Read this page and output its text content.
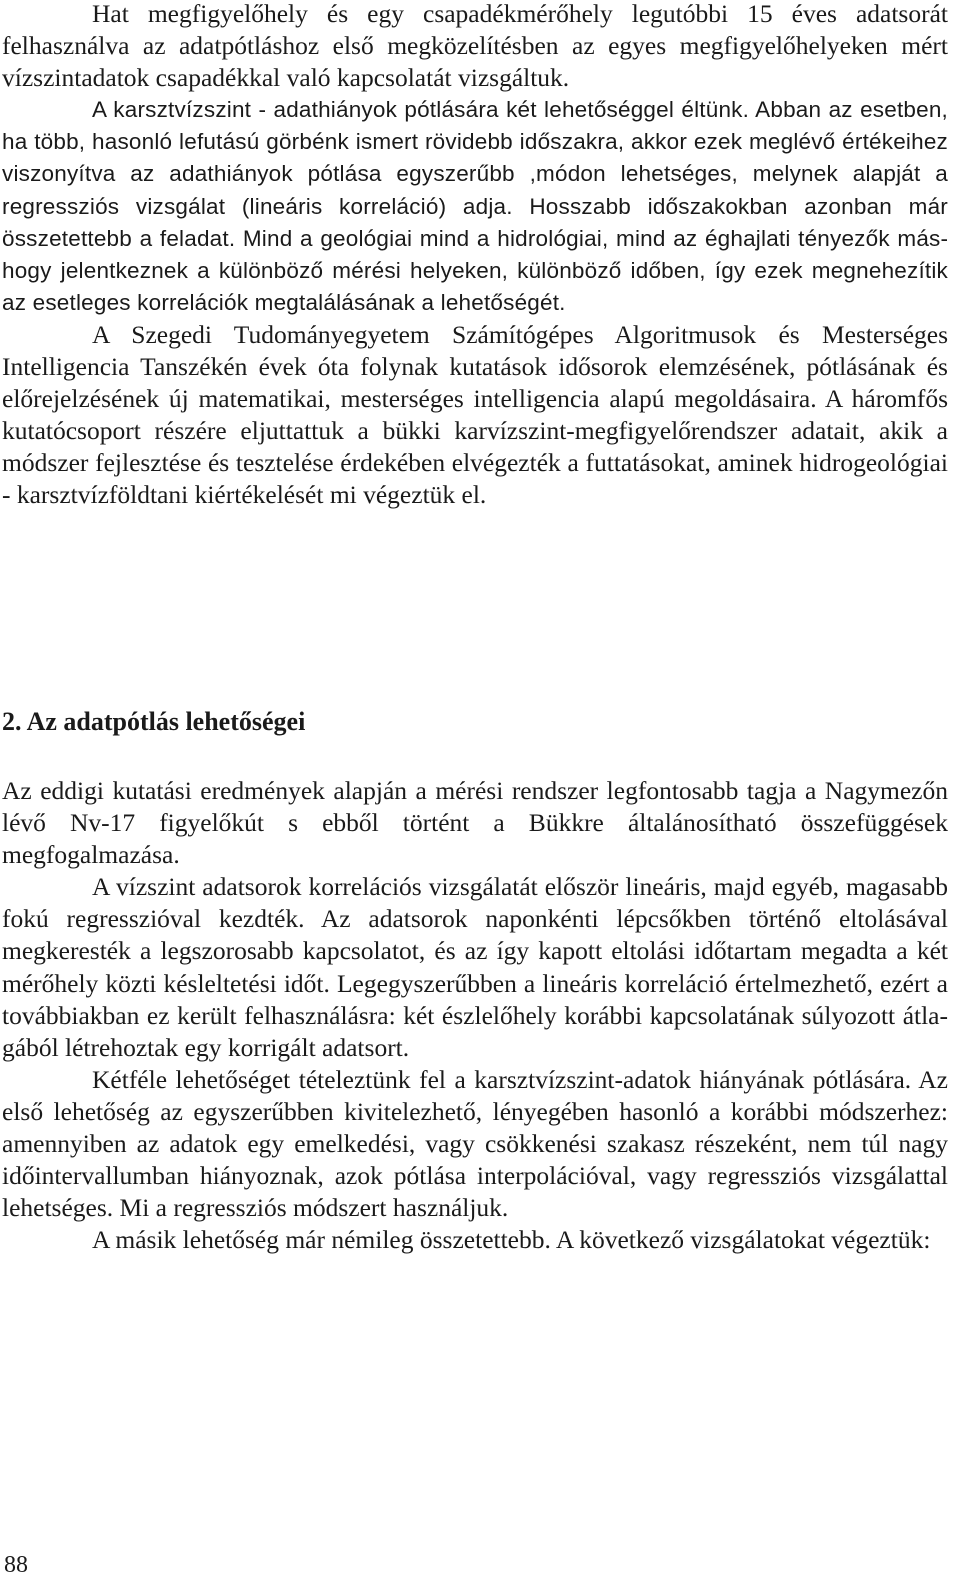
Hat megfigyelőhely és egy csapadékmérőhely legutóbbi 15 éves adatsorát felhasználva az adatpótláshoz első megközelítésben az egyes megfigyelőhelyeken mért vízszintadatok csapadékkal való kapcsolatát vizsgáltuk.

A karsztvízszint - adathiányok pótlására két lehetőséggel éltünk. Abban az esetben, ha több, hasonló lefutású görbénk ismert rövidebb időszakra, akkor ezek meglévő értékeihez viszonyítva az adathiányok pótlása egyszerűbb ,módon lehetséges, melynek alapját a regressziós vizsgálat (lineáris korreláció) adja. Hosszabb időszakokban azonban már összetettebb a feladat. Mind a geológiai mind a hidrológiai, mind az éghajlati tényezők máshogy jelentkeznek a különböző mérési helyeken, különböző időben, így ezek megnehezítik az esetleges korrelációk megtalálásának a lehetőségét.

A Szegedi Tudományegyetem Számítógépes Algoritmusok és Mesterséges Intelligencia Tanszékén évek óta folynak kutatások idősorok elemzésének, pótlásának és előrejelzésének új matematikai, mesterséges intelligencia alapú megoldásaira. A háromfős kutatócsoport részére eljuttattuk a bükki karvízszint-megfigyelőrendszer adatait, akik a módszer fejlesztése és tesztelése érdekében elvégezték a futtatásokat, aminek hidrogeológiai - karsztvízföldtani kiértékelését mi végeztük el.

2. Az adatpótlás lehetőségei

Az eddigi kutatási eredmények alapján a mérési rendszer legfontosabb tagja a Nagymezőn lévő Nv-17 figyelőkút s ebből történt a Bükkre általánosítható összefüggések megfogalmazása.

A vízszint adatsorok korrelációs vizsgálatát először lineáris, majd egyéb, magasabb fokú regresszióval kezdték. Az adatsorok naponkénti lépcsőkben történő eltolásával megkeresték a legszorosabb kapcsolatot, és az így kapott eltolási időtartam megadta a két mérőhely közti késleltetési időt. Legegyszerűbben a lineáris korreláció értelmezhető, ezért a továbbiakban ez került felhasználásra: két észlelőhely korábbi kapcsolatának súlyozott átlagából létrehoztak egy korrigált adatsort.

Kétféle lehetőséget tételeztünk fel a karsztvízszint-adatok hiányának pótlására. Az első lehetőség az egyszerűbben kivitelezhető, lényegében hasonló a korábbi módszerhez: amennyiben az adatok egy emelkedési, vagy csökkenési szakasz részeként, nem túl nagy időintervallumban hiányoznak, azok pótlása interpolációval, vagy regressziós vizsgálattal lehetséges. Mi a regressziós módszert használjuk.

A másik lehetőség már némileg összetettebb. A következő vizsgálatokat végeztük:

88
